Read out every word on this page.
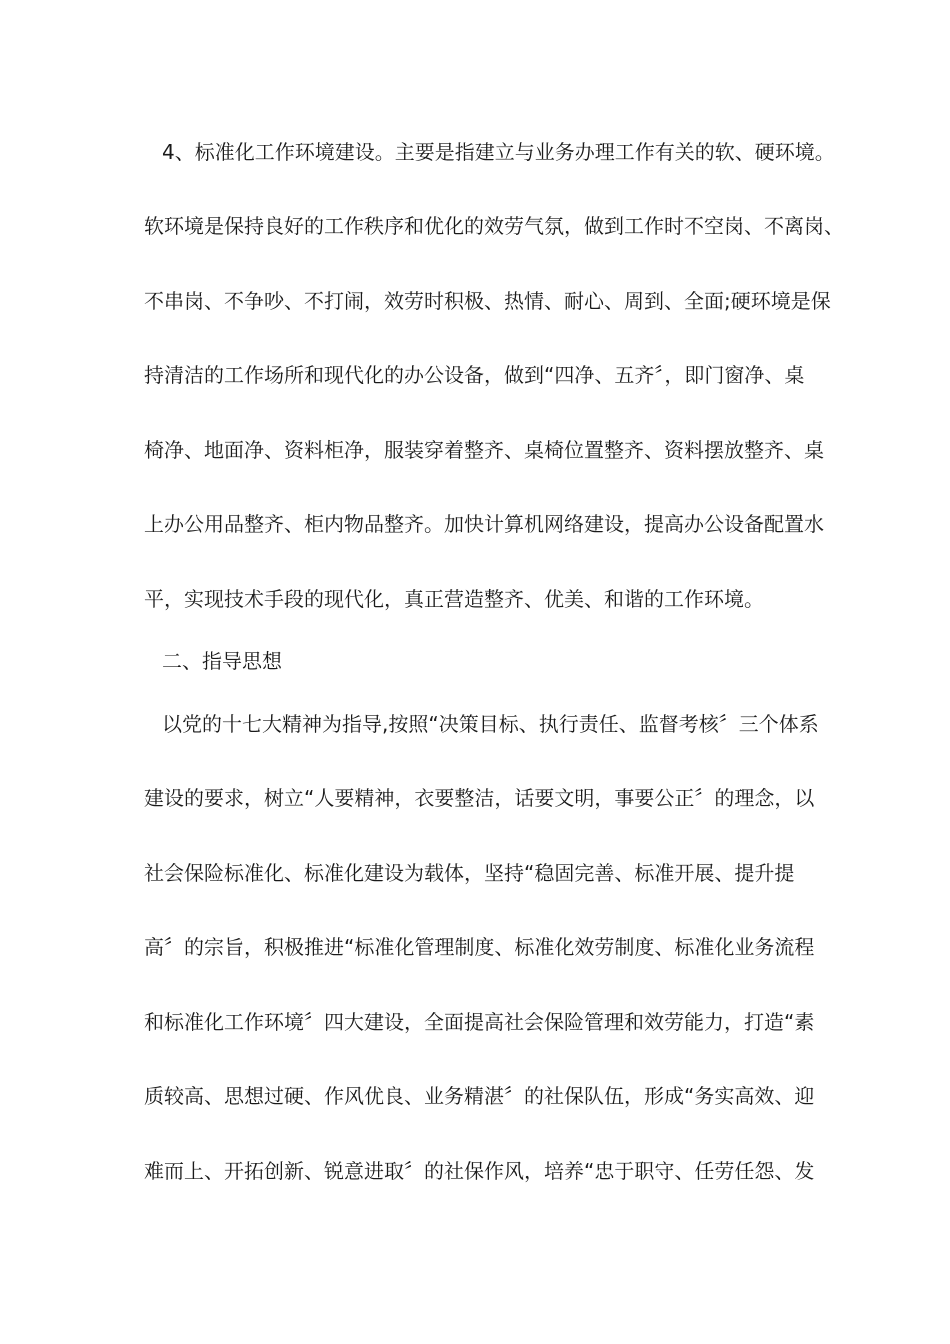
4、标准化工作环境建设。主要是指建立与业务办理工作有关的软、硬环境。
软环境是保持良好的工作秩序和优化的效劳气氛，做到工作时不空岗、不离岗、
不串岗、不争吵、不打闹，效劳时积极、热情、耐心、周到、全面;硬环境是保
持清洁的工作场所和现代化的办公设备，做到“四净、五齐〞，即门窗净、桌
椅净、地面净、资料柜净，服装穿着整齐、桌椅位置整齐、资料摆放整齐、桌
上办公用品整齐、柜内物品整齐。加快计算机网络建设，提高办公设备配置水
平，实现技术手段的现代化，真正营造整齐、优美、和谐的工作环境。
二、指导思想
以党的十七大精神为指导,按照“决策目标、执行责任、监督考核〞三个体系
建设的要求，树立“人要精神，衣要整洁，话要文明，事要公正〞的理念，以
社会保险标准化、标准化建设为载体，坚持“稳固完善、标准开展、提升提
高〞的宗旨，积极推进“标准化管理制度、标准化效劳制度、标准化业务流程
和标准化工作环境〞四大建设，全面提高社会保险管理和效劳能力，打造“素
质较高、思想过硬、作风优良、业务精湛〞的社保队伍，形成“务实高效、迎
难而上、开拓创新、锐意进取〞的社保作风，培养“忠于职守、任劳任怨、发
